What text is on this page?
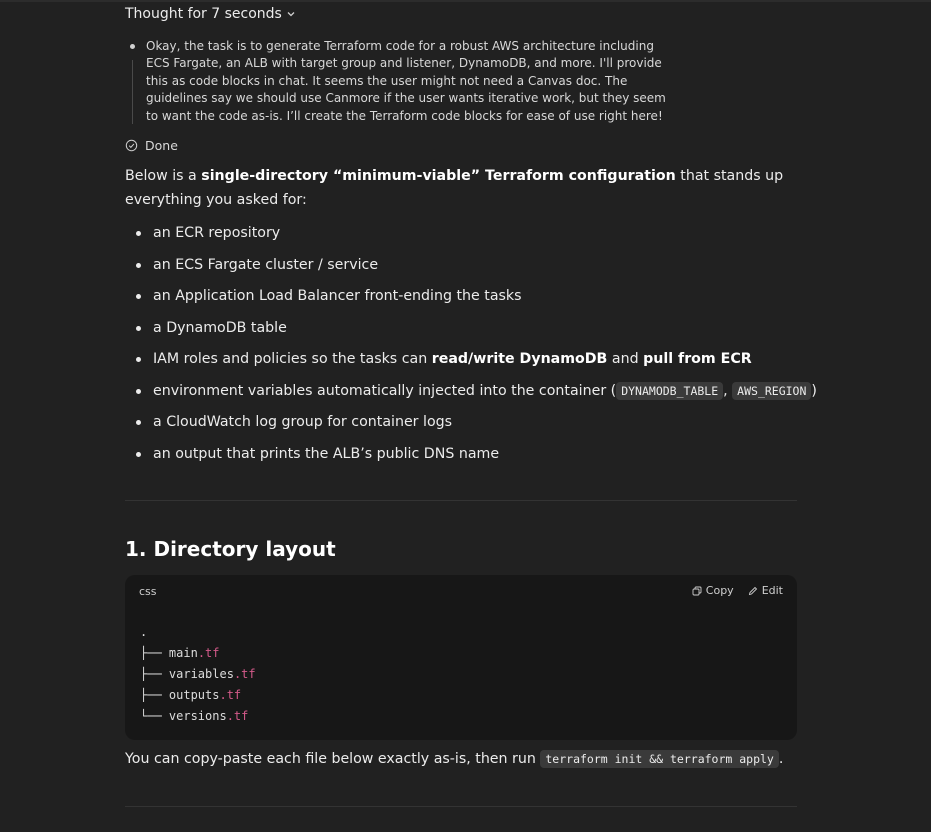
Thought for 7 seconds
Okay, the task is to generate Terraform code for a robust AWS architecture including ECS Fargate, an ALB with target group and listener, DynamoDB, and more. I'll provide this as code blocks in chat. It seems the user might not need a Canvas doc. The guidelines say we should use Canmore if the user wants iterative work, but they seem to want the code as-is. I’ll create the Terraform code blocks for ease of use right here!
Done
Below is a single-directory “minimum-viable” Terraform configuration that stands up everything you asked for:
an ECR repository
an ECS Fargate cluster / service
an Application Load Balancer front-ending the tasks
a DynamoDB table
IAM roles and policies so the tasks can read/write DynamoDB and pull from ECR
environment variables automatically injected into the container ( DYNAMODB_TABLE , AWS_REGION )
a CloudWatch log group for container logs
an output that prints the ALB’s public DNS name
1. Directory layout
css	Copy	Edit
.
├── main.tf
├── variables.tf
├── outputs.tf
└── versions.tf
You can copy-paste each file below exactly as-is, then run terraform init && terraform apply .
